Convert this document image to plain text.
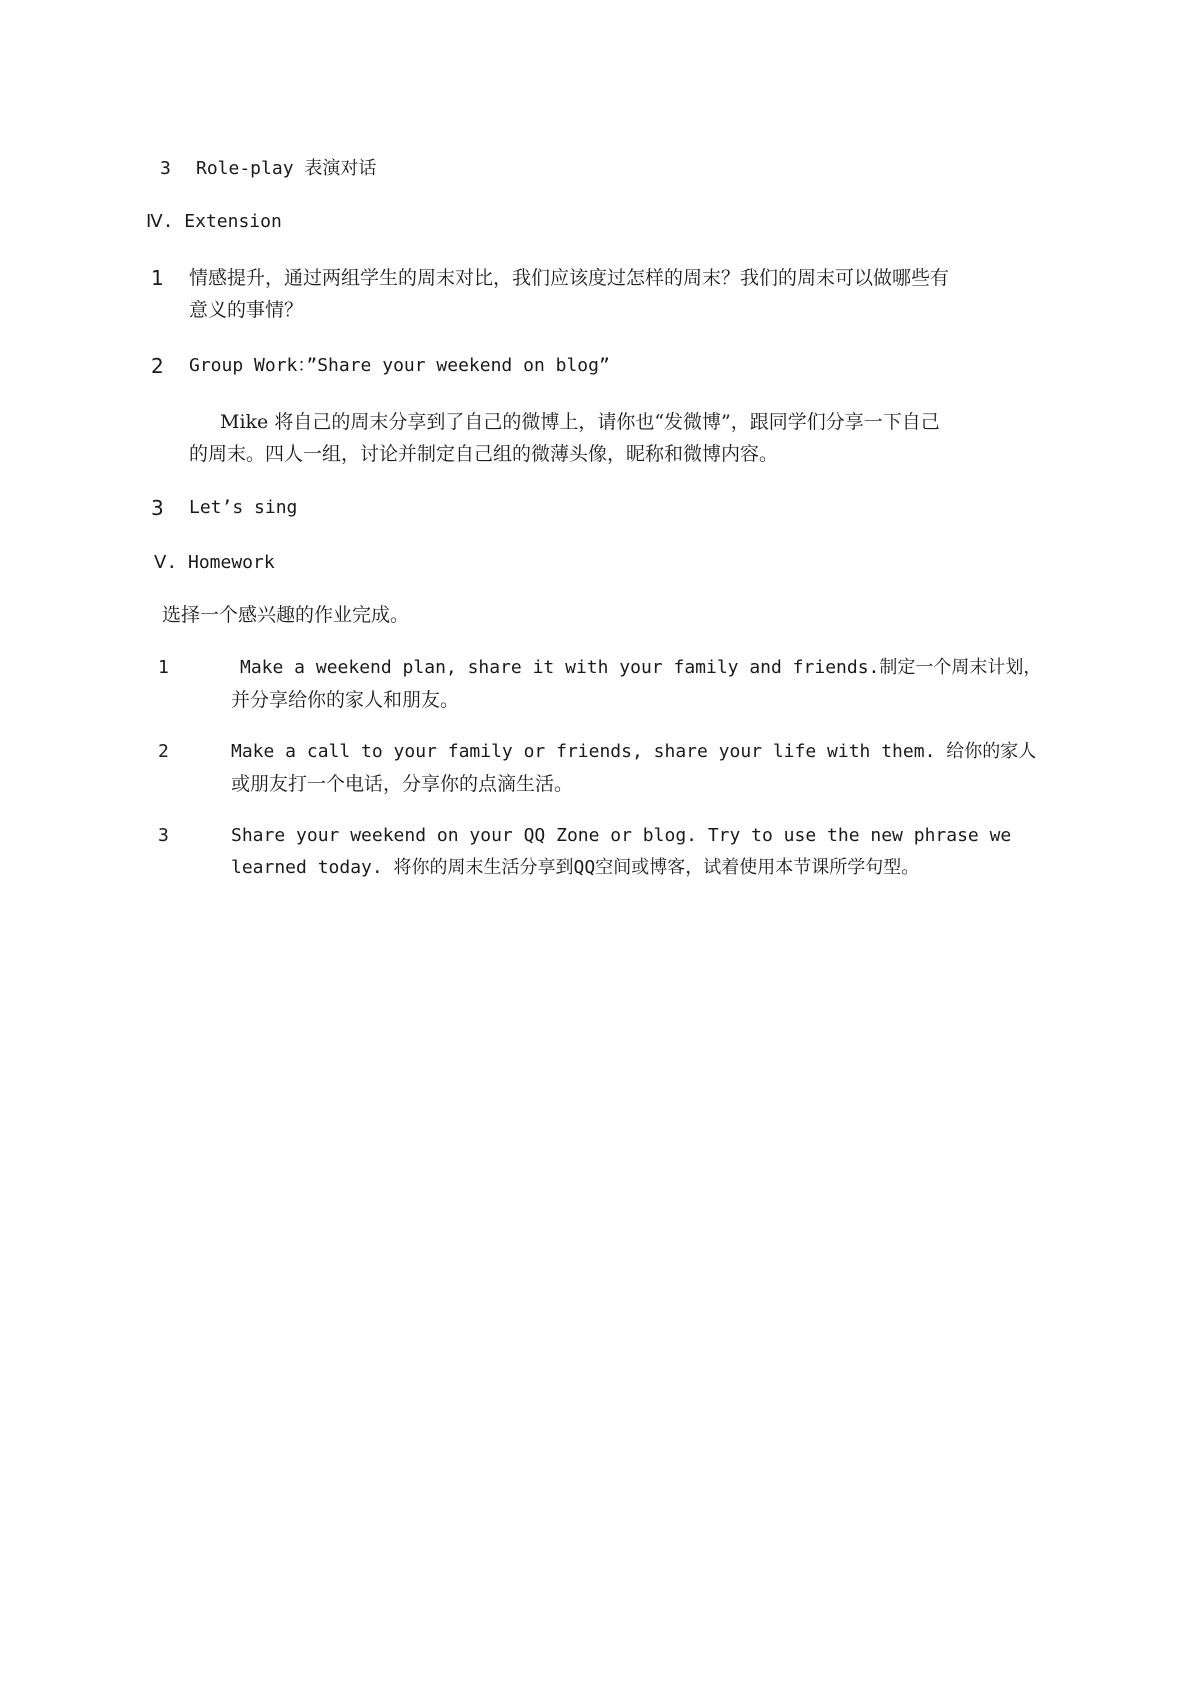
3 Role-play 表演对话
Ⅳ. Extension
1 情感提升，通过两组学生的周末对比，我们应该度过怎样的周末？我们的周末可以做哪些有
意义的事情？
2 Group Work：”Share your weekend on blog”
Mike 将自己的周末分享到了自己的微博上，请你也“发微博”，跟同学们分享一下自己
的周末。四人一组，讨论并制定自己组的微薄头像，昵称和微博内容。
3 Let’s sing
Ⅴ. Homework
选择一个感兴趣的作业完成。
1	Make a weekend plan, share it with your family and friends.制定一个周末计划，
并分享给你的家人和朋友。
2	Make a call to your family or friends, share your life with them. 给你的家人
或朋友打一个电话，分享你的点滴生活。
3	Share your weekend on your QQ Zone or blog. Try to use the new phrase we
learned today. 将你的周末生活分享到QQ空间或博客，试着使用本节课所学句型。
